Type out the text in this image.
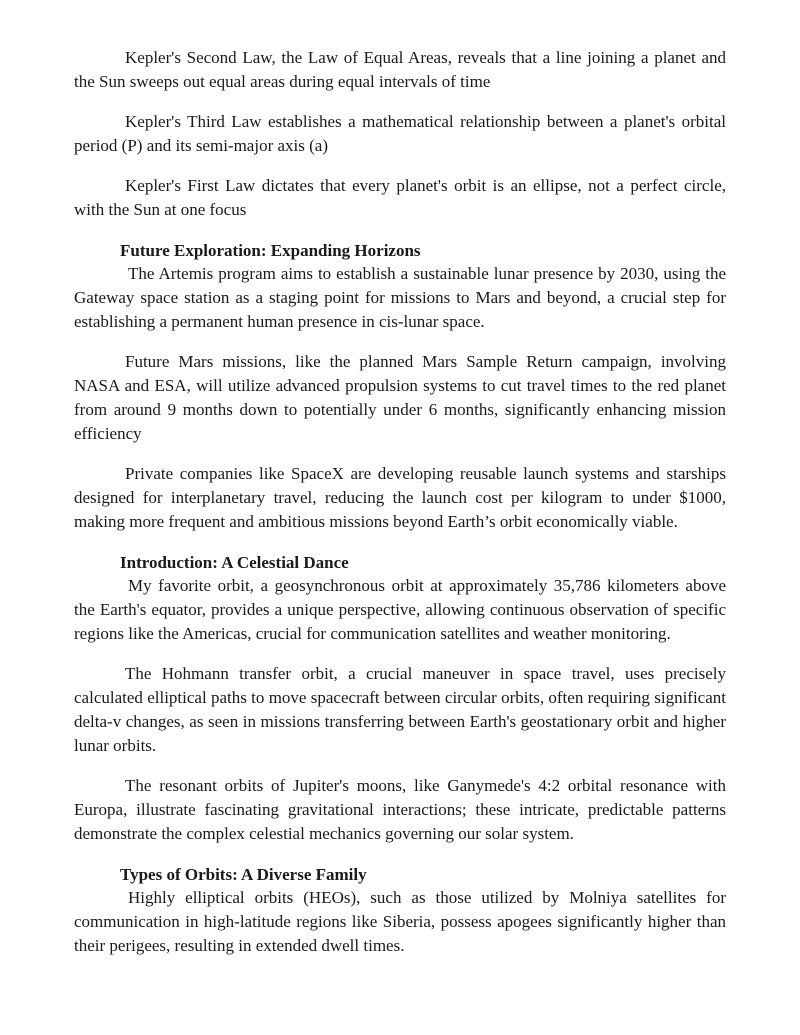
Kepler's Second Law, the Law of Equal Areas, reveals that a line joining a planet and the Sun sweeps out equal areas during equal intervals of time

Kepler's Third Law establishes a mathematical relationship between a planet's orbital period (P) and its semi-major axis (a)

Kepler's First Law dictates that every planet's orbit is an ellipse, not a perfect circle, with the Sun at one focus

Future Exploration: Expanding Horizons

The Artemis program aims to establish a sustainable lunar presence by 2030, using the Gateway space station as a staging point for missions to Mars and beyond, a crucial step for establishing a permanent human presence in cis-lunar space.

Future Mars missions, like the planned Mars Sample Return campaign, involving NASA and ESA, will utilize advanced propulsion systems to cut travel times to the red planet from around 9 months down to potentially under 6 months, significantly enhancing mission efficiency

Private companies like SpaceX are developing reusable launch systems and starships designed for interplanetary travel, reducing the launch cost per kilogram to under $1000, making more frequent and ambitious missions beyond Earth’s orbit economically viable.

Introduction: A Celestial Dance

My favorite orbit, a geosynchronous orbit at approximately 35,786 kilometers above the Earth's equator, provides a unique perspective, allowing continuous observation of specific regions like the Americas, crucial for communication satellites and weather monitoring.

The Hohmann transfer orbit, a crucial maneuver in space travel, uses precisely calculated elliptical paths to move spacecraft between circular orbits, often requiring significant delta-v changes, as seen in missions transferring between Earth's geostationary orbit and higher lunar orbits.

The resonant orbits of Jupiter's moons, like Ganymede's 4:2 orbital resonance with Europa, illustrate fascinating gravitational interactions; these intricate, predictable patterns demonstrate the complex celestial mechanics governing our solar system.

Types of Orbits: A Diverse Family

Highly elliptical orbits (HEOs), such as those utilized by Molniya satellites for communication in high-latitude regions like Siberia, possess apogees significantly higher than their perigees, resulting in extended dwell times.
